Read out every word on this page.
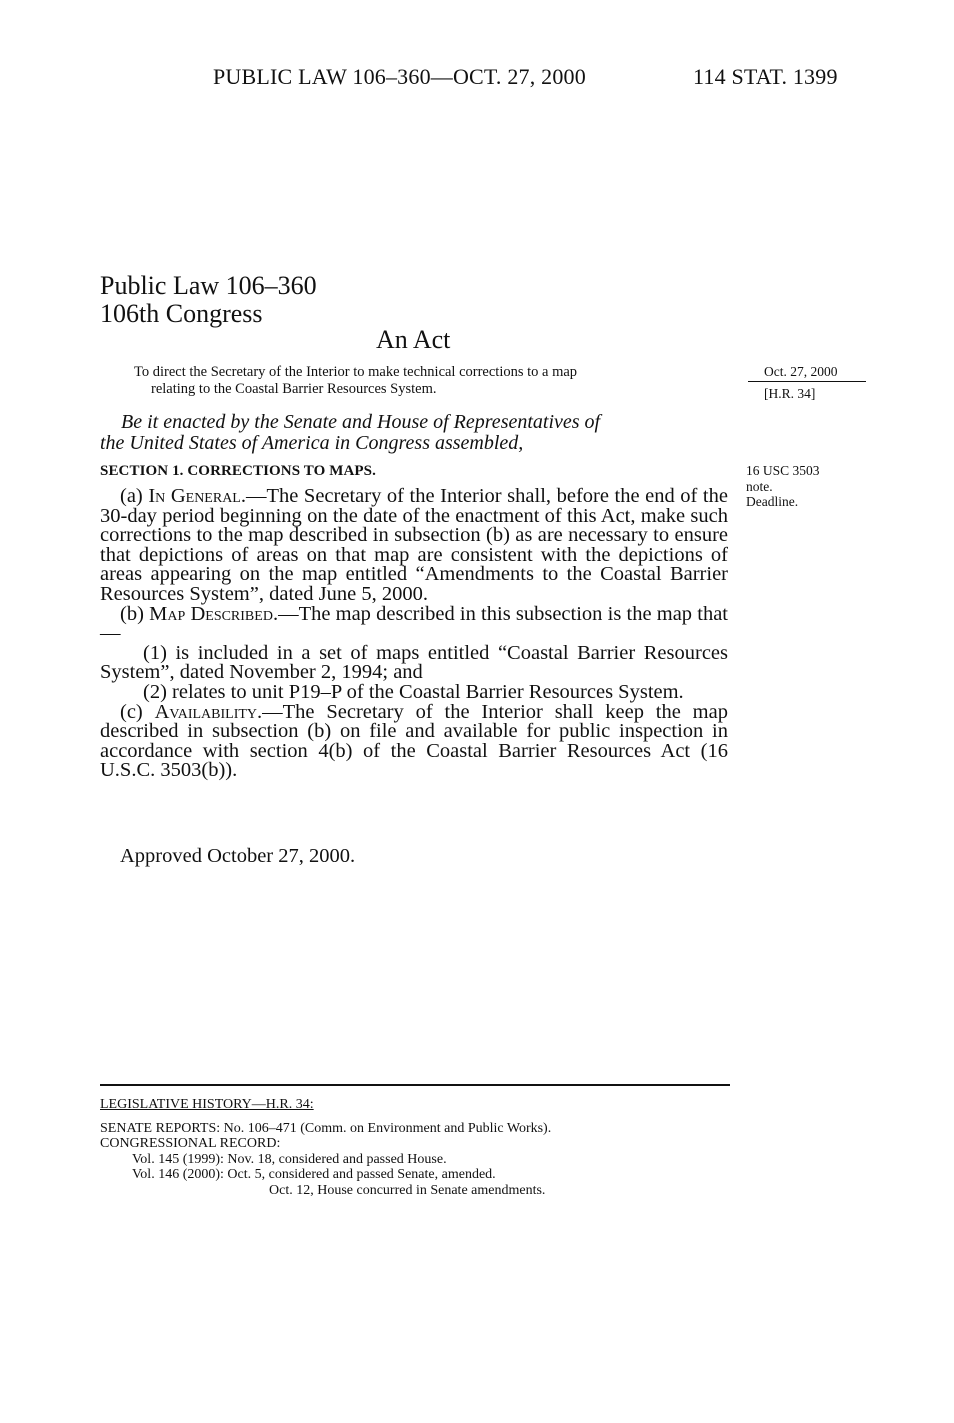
PUBLIC LAW 106–360—OCT. 27, 2000	114 STAT. 1399
Public Law 106–360
106th Congress
An Act
To direct the Secretary of the Interior to make technical corrections to a map
relating to the Coastal Barrier Resources System.
Oct. 27, 2000
[H.R. 34]
16 USC 3503
note.
Deadline.
Be it enacted by the Senate and House of Representatives of
the United States of America in Congress assembled,
SECTION 1. CORRECTIONS TO MAPS.

(a) In General.—The Secretary of the Interior shall, before the end of the 30-day period beginning on the date of the enactment of this Act, make such corrections to the map described in subsection (b) as are necessary to ensure that depictions of areas on that map are consistent with the depictions of areas appearing on the map entitled “Amendments to the Coastal Barrier Resources System”, dated June 5, 2000.

(b) Map Described.—The map described in this subsection is the map that—

(1) is included in a set of maps entitled “Coastal Barrier Resources System”, dated November 2, 1994; and

(2) relates to unit P19–P of the Coastal Barrier Resources System.

(c) Availability.—The Secretary of the Interior shall keep the map described in subsection (b) on file and available for public inspection in accordance with section 4(b) of the Coastal Barrier Resources Act (16 U.S.C. 3503(b)).

Approved October 27, 2000.
LEGISLATIVE HISTORY—H.R. 34:
SENATE REPORTS: No. 106–471 (Comm. on Environment and Public Works).
CONGRESSIONAL RECORD:
Vol. 145 (1999): Nov. 18, considered and passed House.
Vol. 146 (2000): Oct. 5, considered and passed Senate, amended.
Oct. 12, House concurred in Senate amendments.
